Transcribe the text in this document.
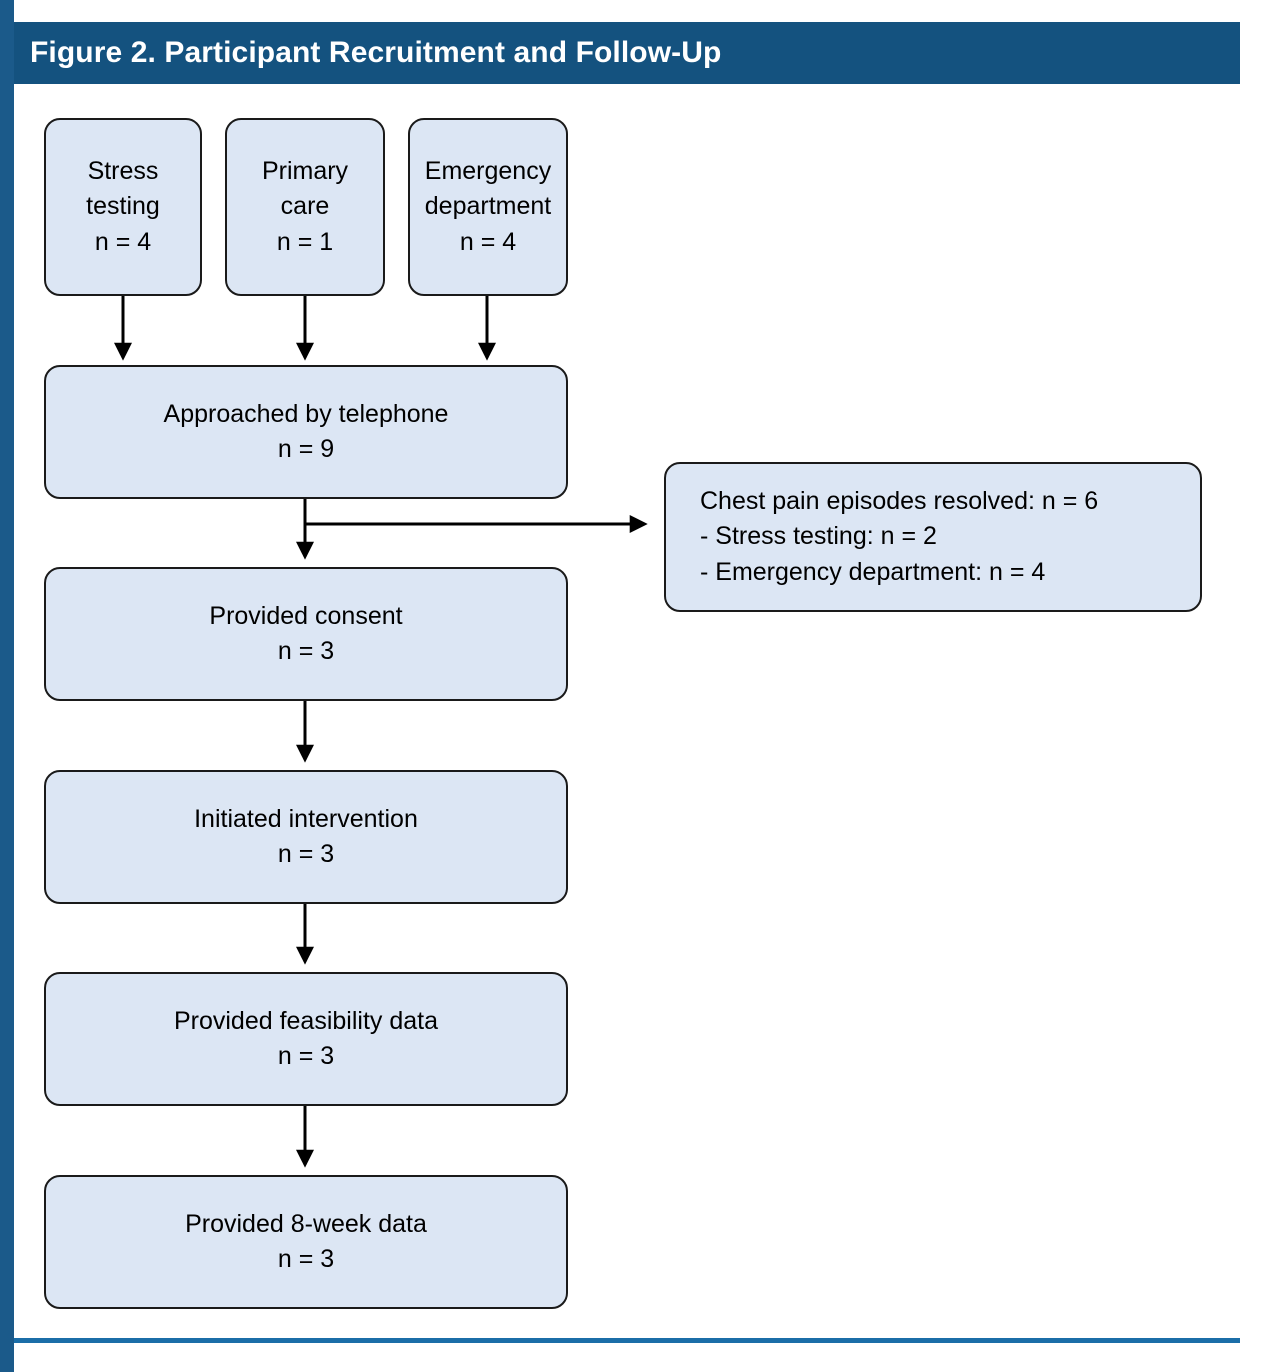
Figure 2. Participant Recruitment and Follow-Up
Stress
testing
n = 4
Primary
care
n = 1
Emergency
department
n = 4
Approached by telephone
n = 9
Chest pain episodes resolved: n = 6
- Stress testing: n = 2
- Emergency department: n = 4
Provided consent
n = 3
Initiated intervention
n = 3
Provided feasibility data
n = 3
Provided 8-week data
n = 3
